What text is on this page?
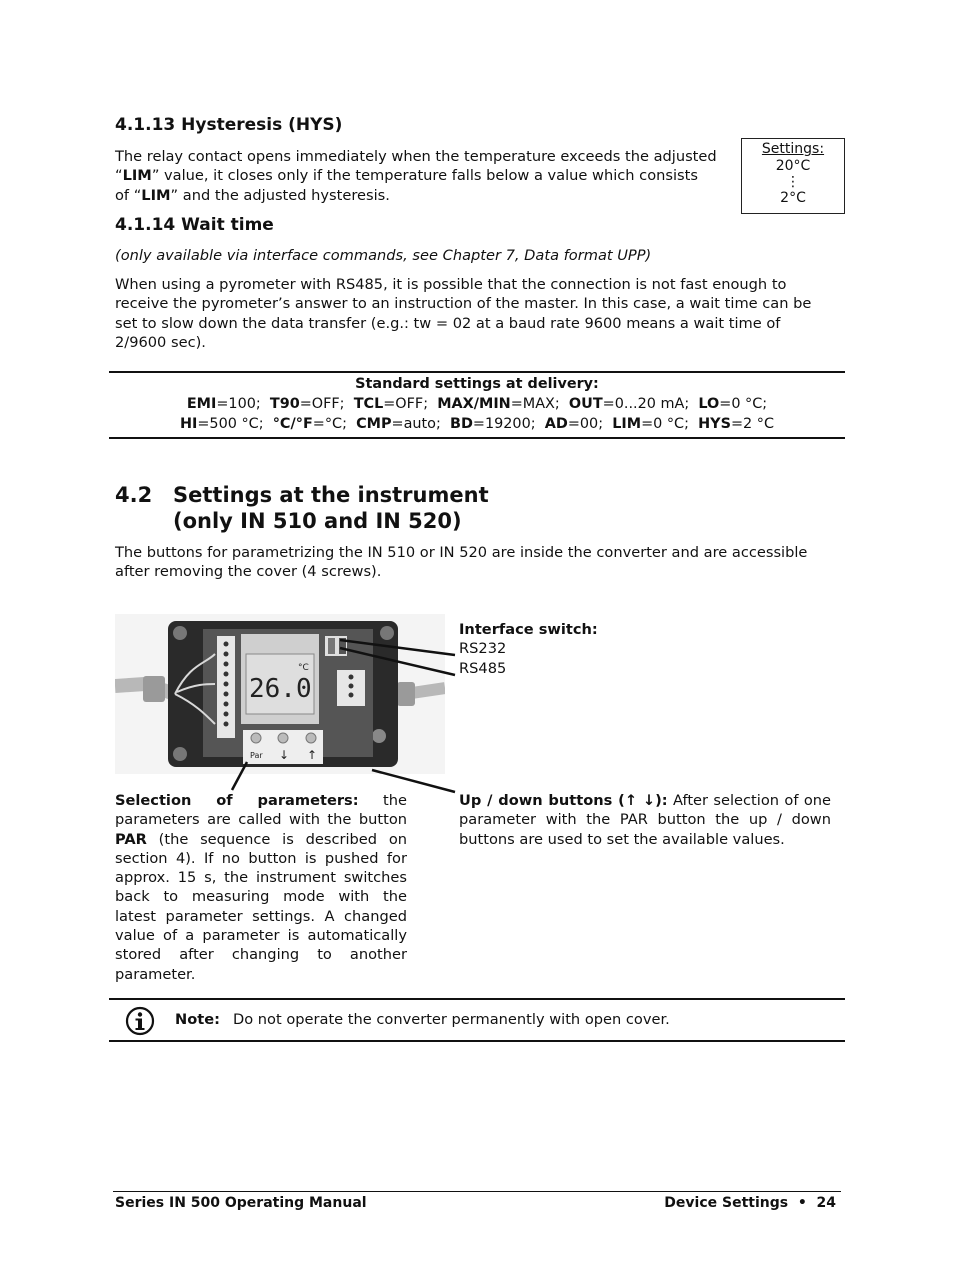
4.1.13 Hysteresis (HYS)
The relay contact opens immediately when the temperature exceeds the adjusted
“LIM” value, it closes only if the temperature falls below a value which consists
of “LIM” and the adjusted hysteresis.
Settings:
20°C
⋮
2°C
4.1.14 Wait time
(only available via interface commands, see Chapter 7, Data format UPP)
When using a pyrometer with RS485, it is possible that the connection is not fast enough to
receive the pyrometer’s answer to an instruction of the master. In this case, a wait time can be
set to slow down the data transfer (e.g.: tw = 02 at a baud rate 9600 means a wait time of
2/9600 sec).
Standard settings at delivery:
EMI=100; T90=OFF; TCL=OFF; MAX/MIN=MAX; OUT=0...20 mA; LO=0 °C;
HI=500 °C; °C/°F=°C; CMP=auto; BD=19200; AD=00; LIM=0 °C; HYS=2 °C
4.2 Settings at the instrument
(only IN 510 and IN 520)
The buttons for parametrizing the IN 510 or IN 520 are inside the converter and are accessible
after removing the cover (4 screws).
°C
26.0
Par ↓ ↑
Interface switch:
RS232
RS485

Selection of parameters: the parameters are called with the button PAR (the sequence is described on section 4). If no button is pushed for approx. 15 s, the instrument switches back to measuring mode with the latest parameter settings. A changed value of a parameter is automatically stored after changing to another parameter.

Up / down buttons (↑ ↓): After selection of one parameter with the PAR button the up / down buttons are used to set the available values.

Note: Do not operate the converter permanently with open cover.
Series IN 500 Operating Manual	Device Settings  •  24
